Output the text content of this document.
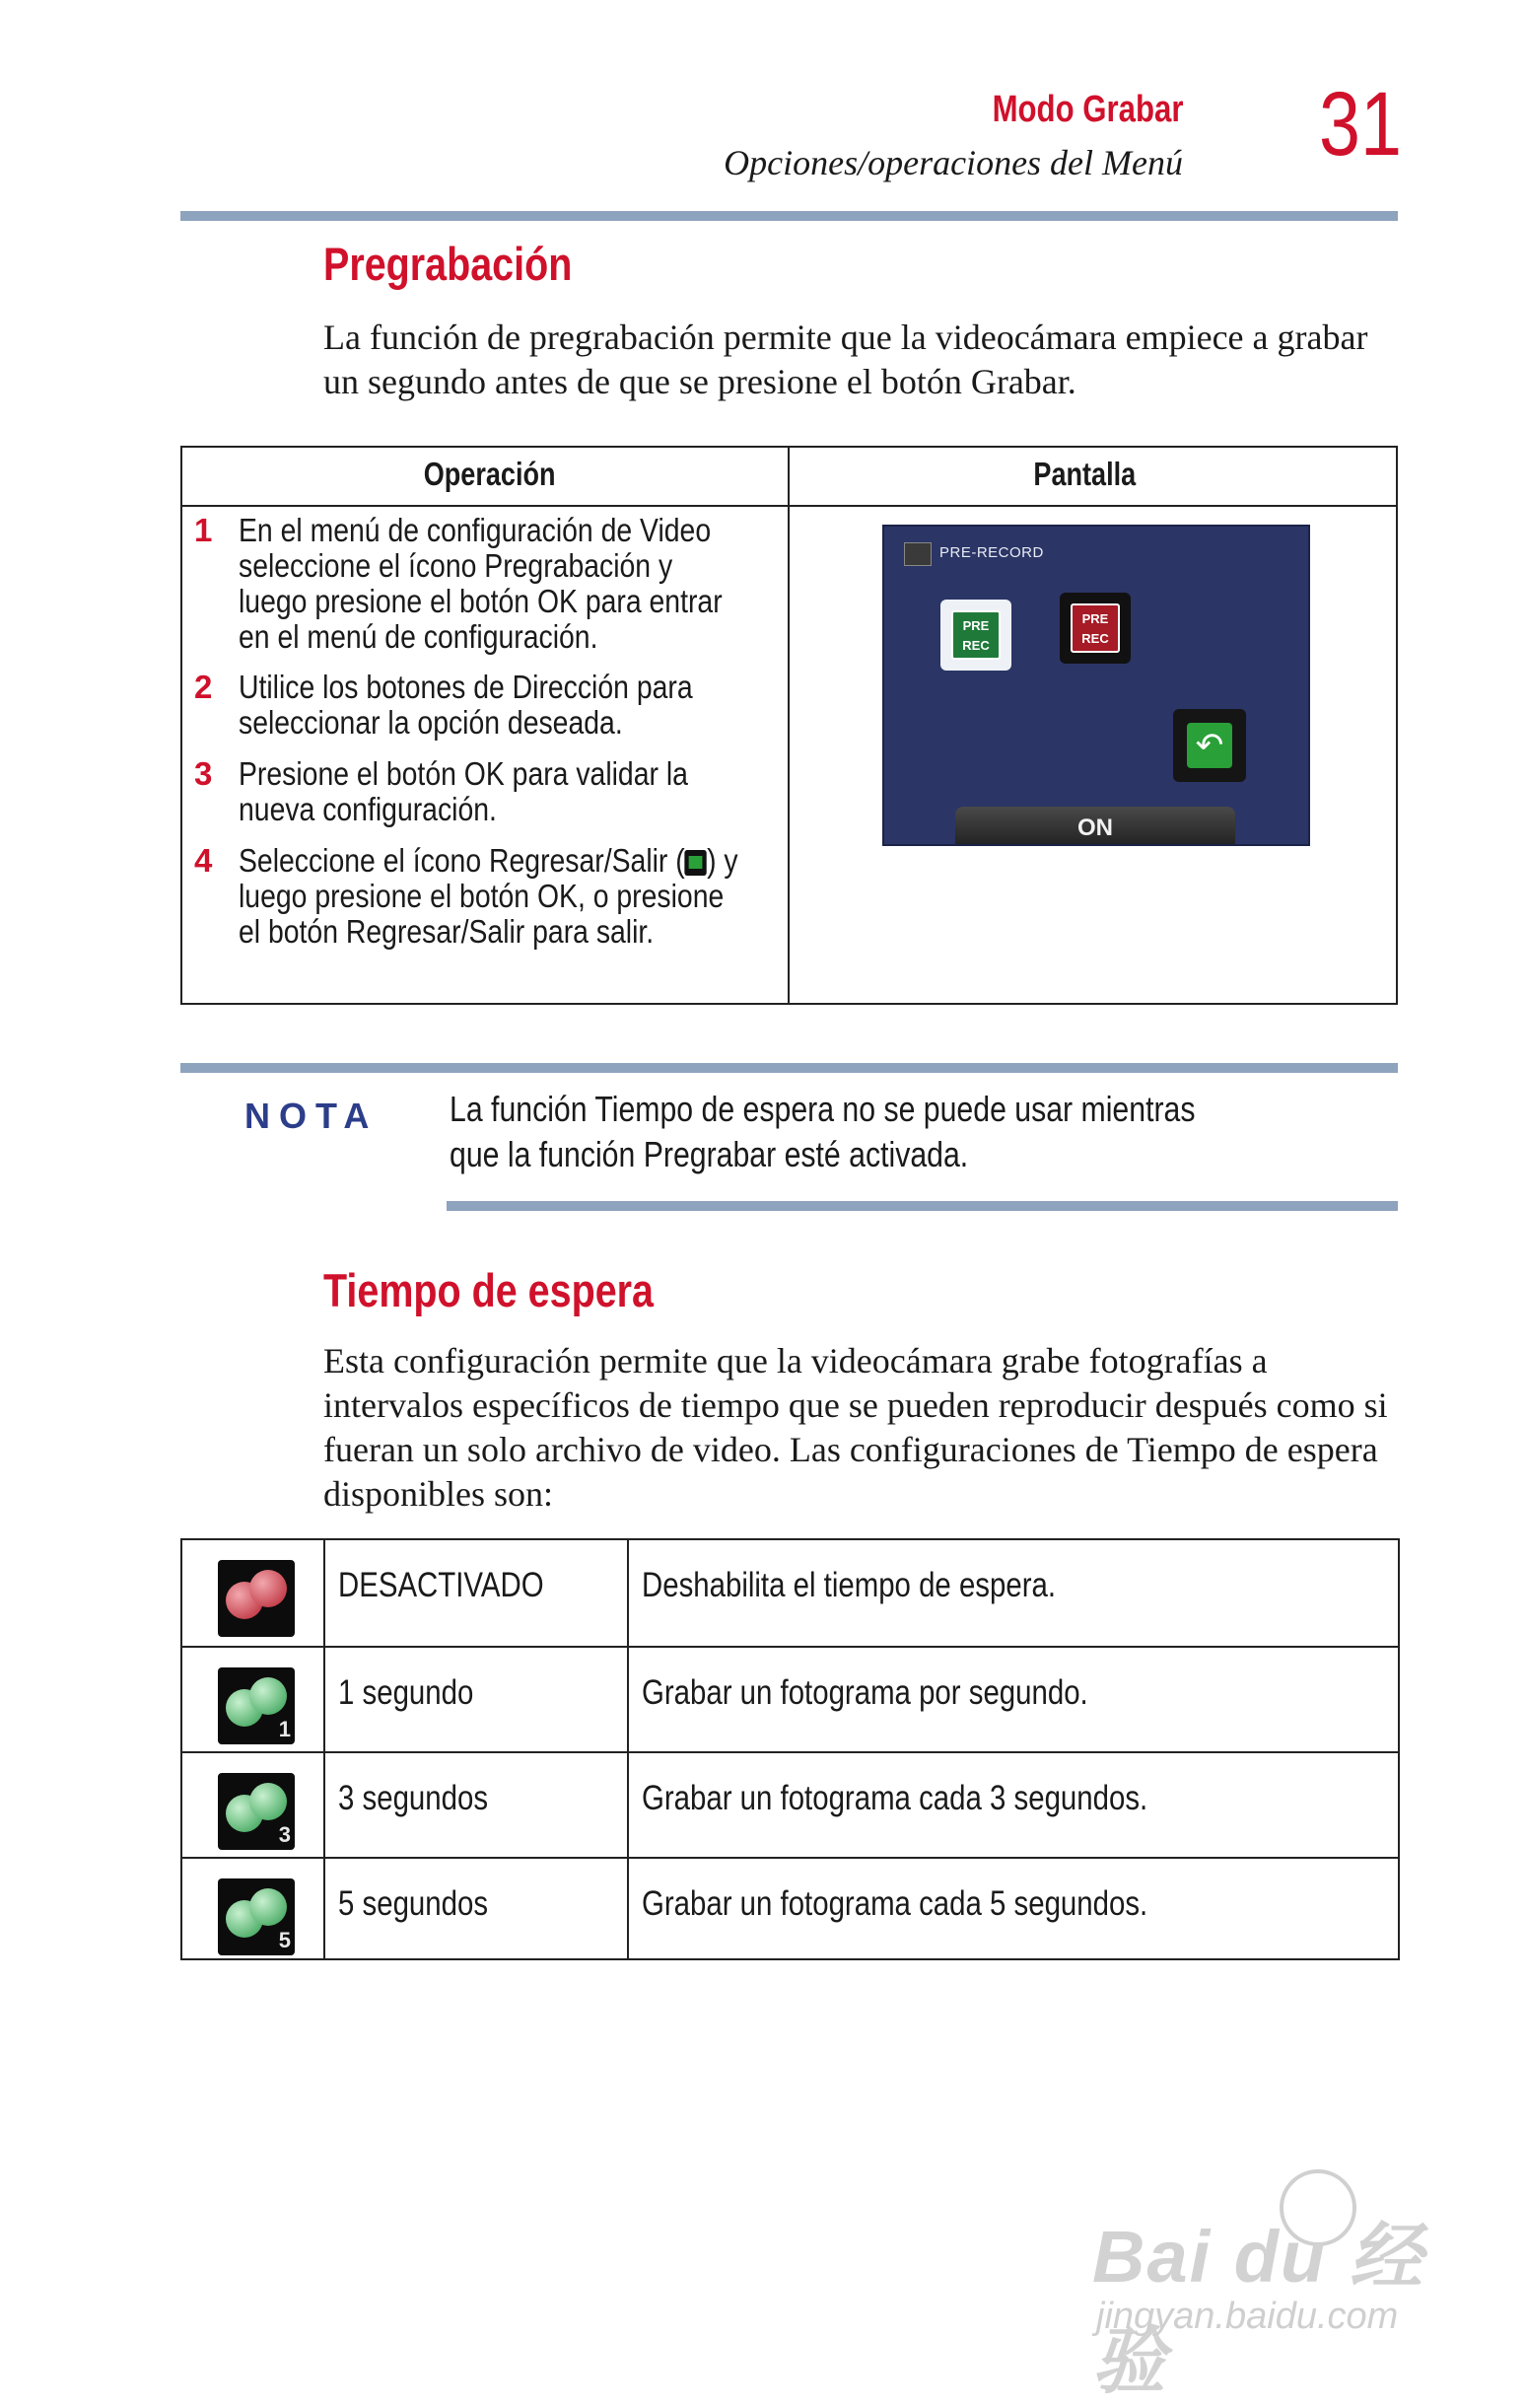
Modo Grabar
Opciones/operaciones del Menú 31
Pregrabación

La función de pregrabación permite que la videocámara empiece a grabar un segundo antes de que se presione el botón Grabar.

Operación	Pantalla
1 En el menú de configuración de Video seleccione el ícono Pregrabación y luego presione el botón OK para entrar en el menú de configuración.
2 Utilice los botones de Dirección para seleccionar la opción deseada.
3 Presione el botón OK para validar la nueva configuración.
4 Seleccione el ícono Regresar/Salir ( ) y luego presione el botón OK, o presione el botón Regresar/Salir para salir.
PRE-RECORD
PRE REC
PRE REC
↶
ON
NOTA La función Tiempo de espera no se puede usar mientras que la función Pregrabar esté activada.
Tiempo de espera

Esta configuración permite que la videocámara grabe fotografías a intervalos específicos de tiempo que se pueden reproducir después como si fueran un solo archivo de video. Las configuraciones de Tiempo de espera disponibles son:

DESACTIVADO	Deshabilita el tiempo de espera.
1
1 segundo	Grabar un fotograma por segundo.
3
3 segundos	Grabar un fotograma cada 3 segundos.
5
5 segundos	Grabar un fotograma cada 5 segundos.
Bai du 经验
jingyan.baidu.com
